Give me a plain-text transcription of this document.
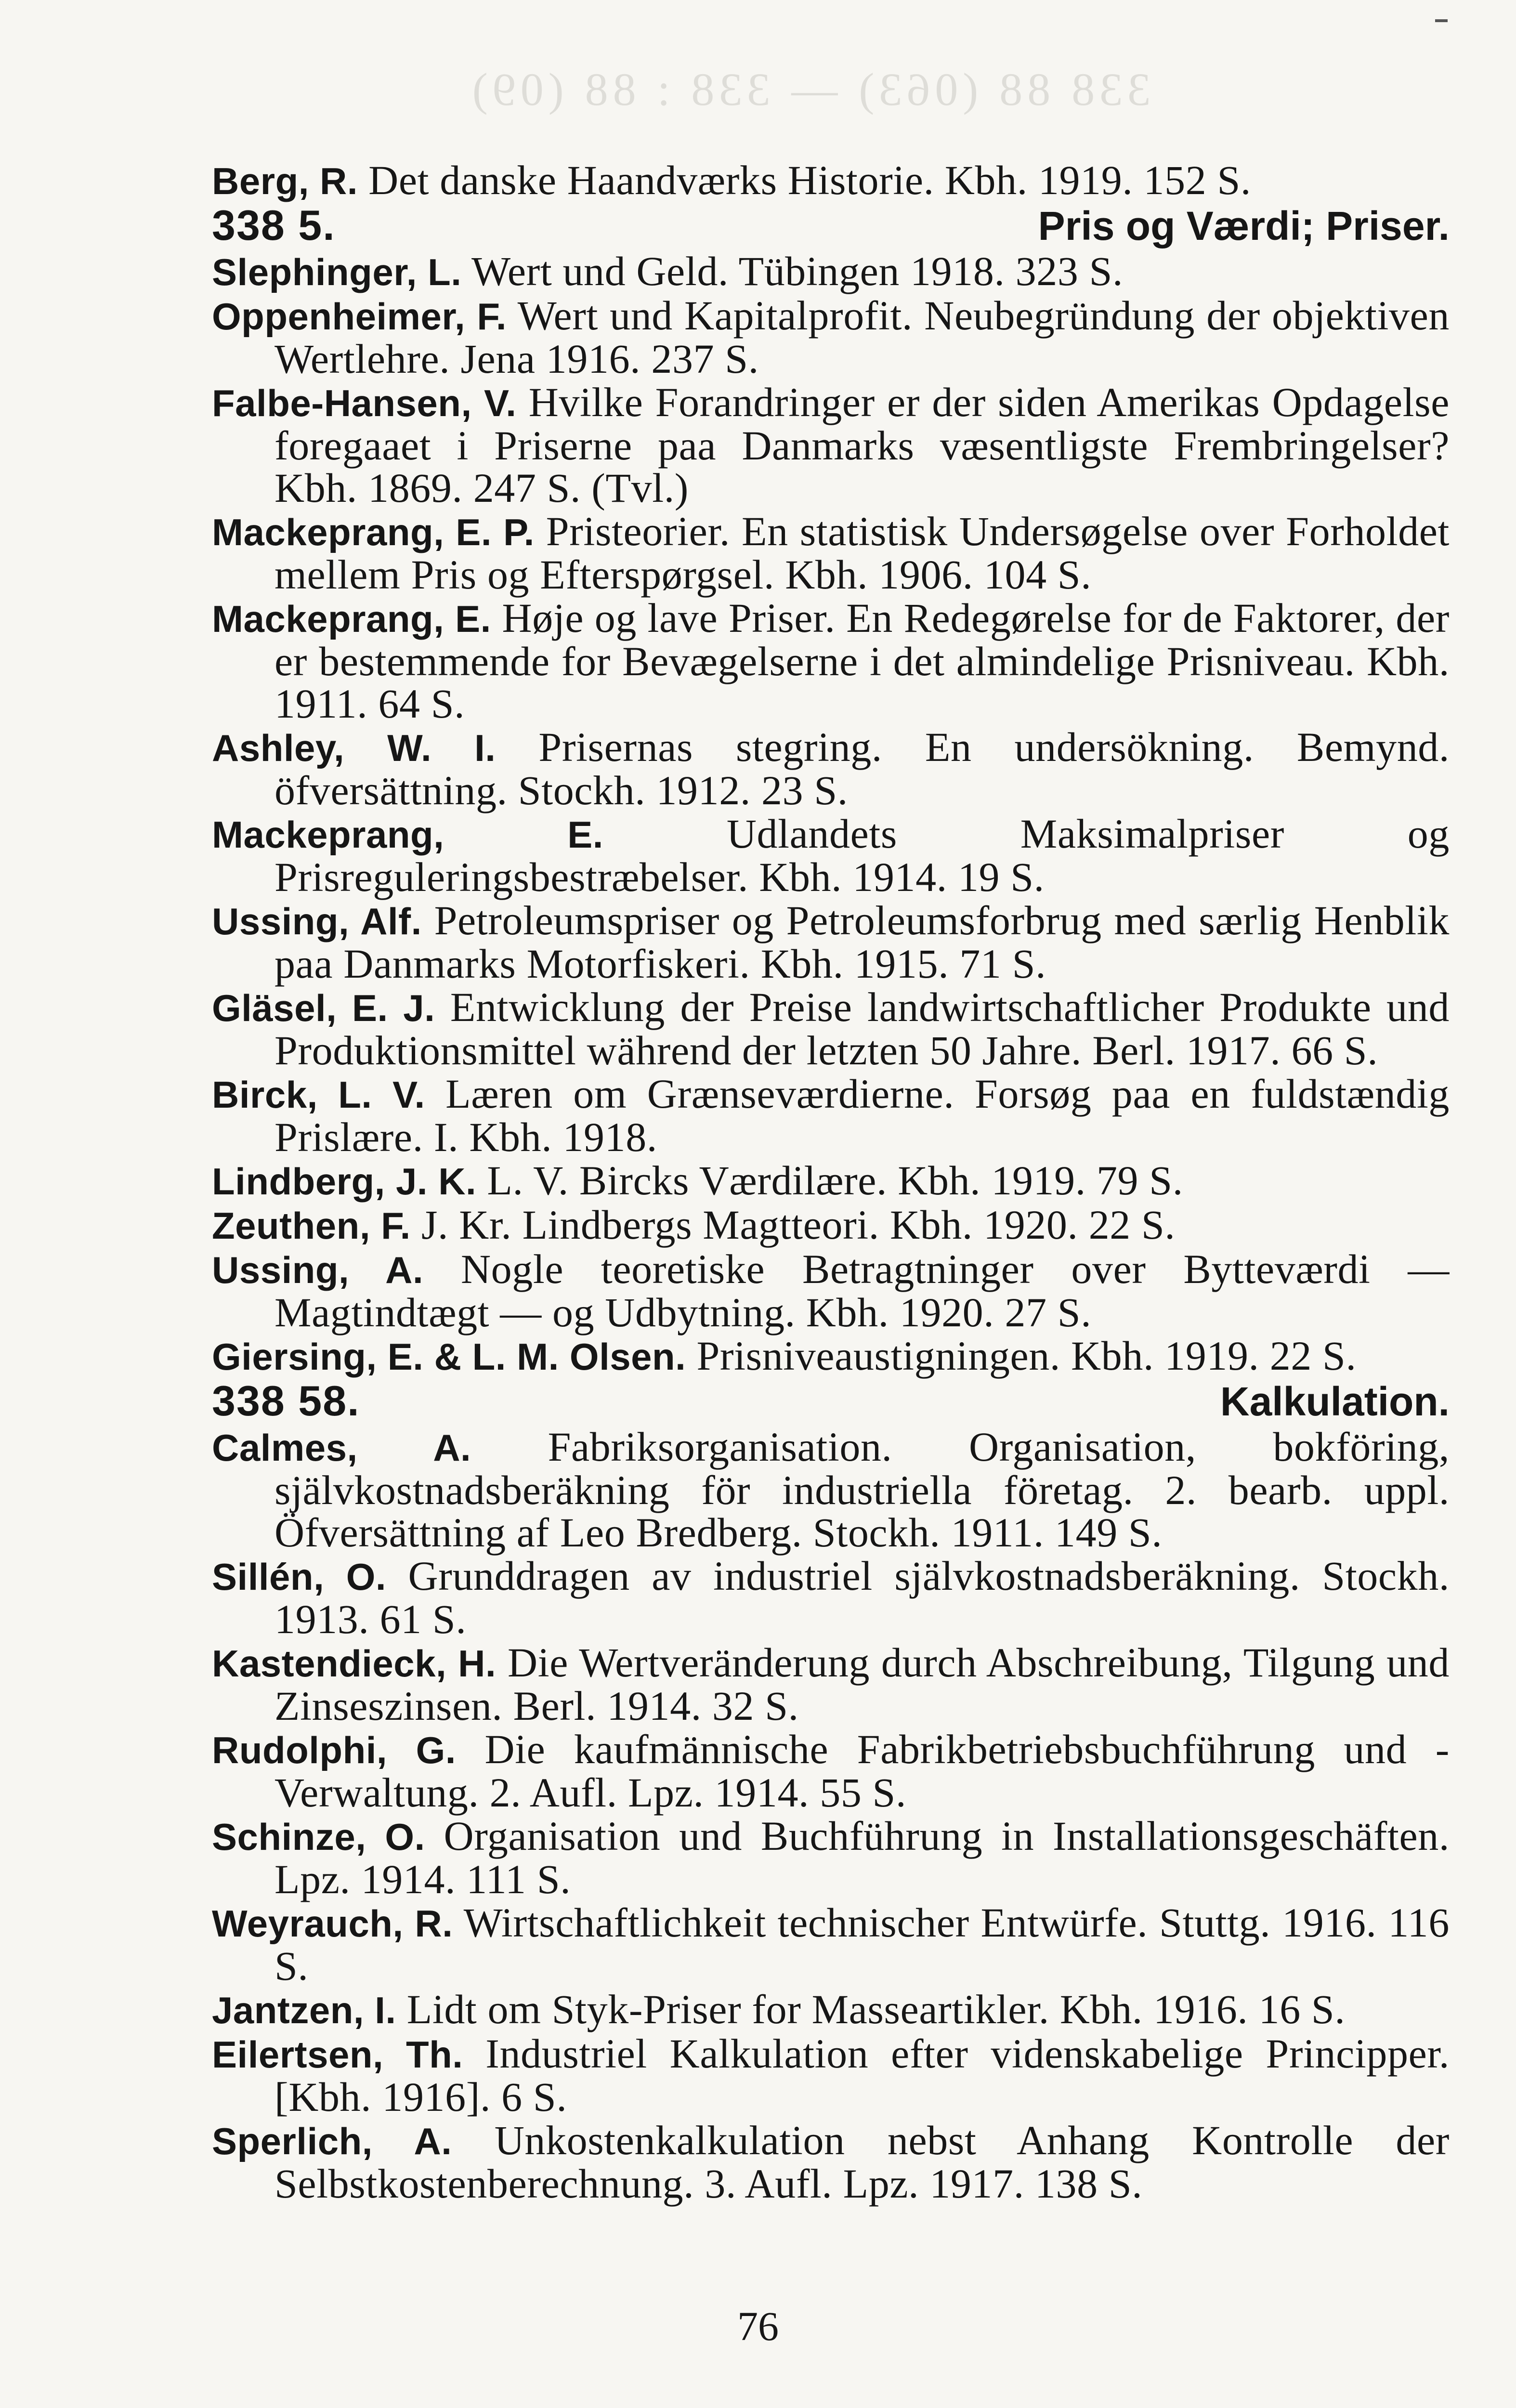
338 88 (063) — 338 : 88 (09)
Berg, R. Det danske Haandværks Historie. Kbh. 1919. 152 S.
338 5.	Pris og Værdi; Priser.
Slephinger, L. Wert und Geld. Tübingen 1918. 323 S.
Oppenheimer, F. Wert und Kapitalprofit. Neubegründung der objektiven Wertlehre. Jena 1916. 237 S.
Falbe-Hansen, V. Hvilke Forandringer er der siden Amerikas Opdagelse foregaaet i Priserne paa Danmarks væsentligste Frembringelser? Kbh. 1869. 247 S. (Tvl.)
Mackeprang, E. P. Pristeorier. En statistisk Undersøgelse over Forholdet mellem Pris og Efterspørgsel. Kbh. 1906. 104 S.
Mackeprang, E. Høje og lave Priser. En Redegørelse for de Faktorer, der er bestemmende for Bevægelserne i det almindelige Prisniveau. Kbh. 1911. 64 S.
Ashley, W. I. Prisernas stegring. En undersökning. Bemynd. öfversättning. Stockh. 1912. 23 S.
Mackeprang, E.	Udlandets Maksimalpriser og Prisreguleringsbestræbelser. Kbh. 1914. 19 S.
Ussing, Alf. Petroleumspriser og Petroleumsforbrug med særlig Henblik paa Danmarks Motorfiskeri. Kbh. 1915. 71 S.
Gläsel, E. J. Entwicklung der Preise landwirtschaftlicher Produkte und Produktionsmittel während der letzten 50 Jahre. Berl. 1917. 66 S.
Birck, L. V. Læren om Grænseværdierne. Forsøg paa en fuldstændig Prislære. I. Kbh. 1918.
Lindberg, J. K. L. V. Bircks Værdilære. Kbh. 1919. 79 S.
Zeuthen, F. J. Kr. Lindbergs Magtteori. Kbh. 1920. 22 S.
Ussing, A. Nogle teoretiske Betragtninger over Bytteværdi — Magtindtægt — og Udbytning. Kbh. 1920. 27 S.
Giersing, E. & L. M. Olsen. Prisniveaustigningen. Kbh. 1919. 22 S.
338 58.	Kalkulation.
Calmes, A. Fabriksorganisation. Organisation, bokföring, självkostnadsberäkning för industriella företag. 2. bearb. uppl. Öfversättning af Leo Bredberg. Stockh. 1911. 149 S.
Sillén, O. Grunddragen av industriel självkostnadsberäkning. Stockh. 1913. 61 S.
Kastendieck, H. Die Wertveränderung durch Abschreibung, Tilgung und Zinseszinsen. Berl. 1914. 32 S.
Rudolphi, G. Die kaufmännische Fabrikbetriebsbuchführung und -Verwaltung. 2. Aufl. Lpz. 1914. 55 S.
Schinze, O. Organisation und Buchführung in Installationsgeschäften. Lpz. 1914. 111 S.
Weyrauch, R. Wirtschaftlichkeit technischer Entwürfe. Stuttg. 1916. 116 S.
Jantzen, I. Lidt om Styk-Priser for Masseartikler. Kbh. 1916. 16 S.
Eilertsen, Th. Industriel Kalkulation efter videnskabelige Principper. [Kbh. 1916]. 6 S.
Sperlich, A. Unkostenkalkulation nebst Anhang Kontrolle der Selbstkostenberechnung. 3. Aufl. Lpz. 1917. 138 S.
76
